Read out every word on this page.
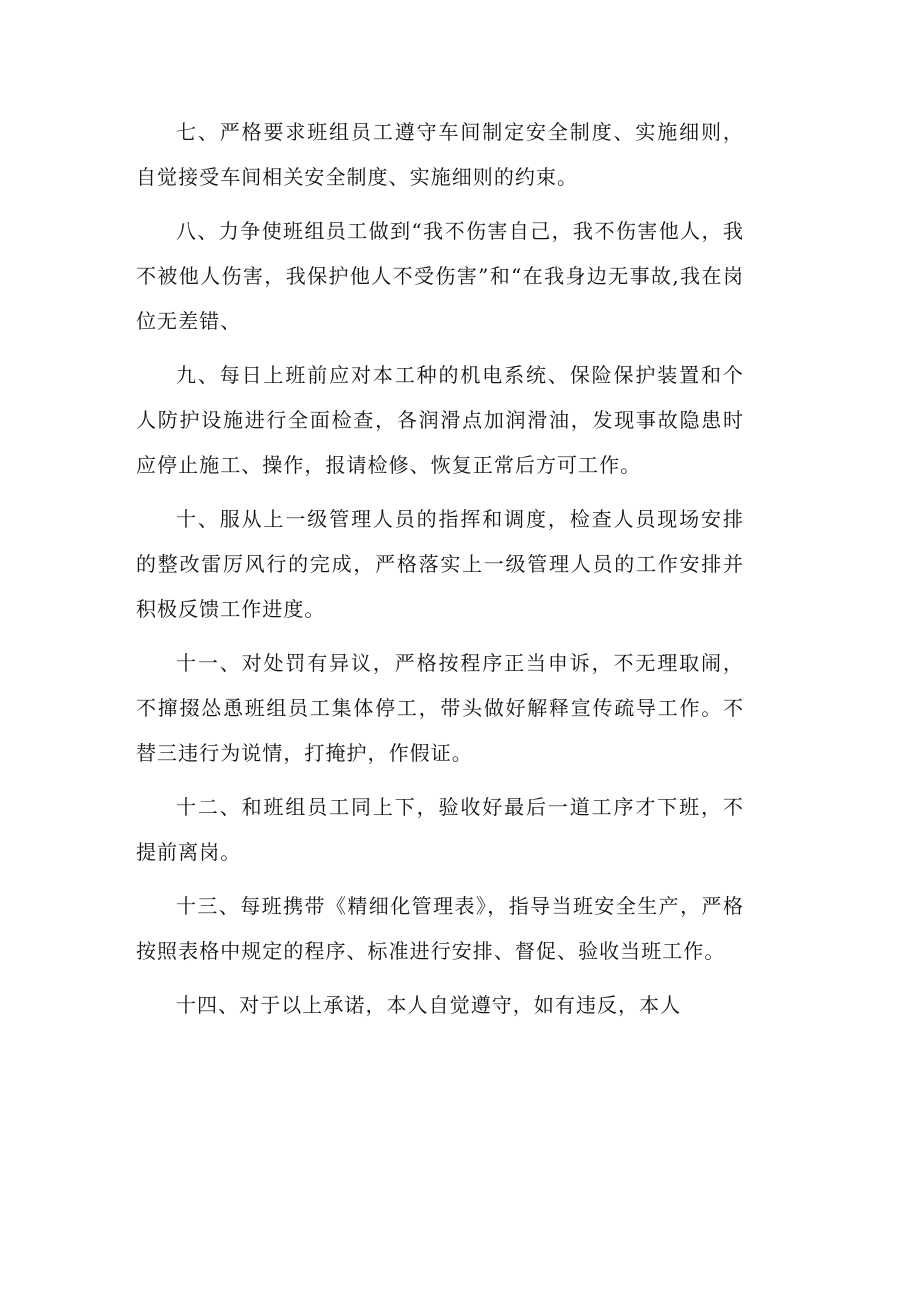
七、严格要求班组员工遵守车间制定安全制度、实施细则，自觉接受车间相关安全制度、实施细则的约束。

八、力争使班组员工做到“我不伤害自己，我不伤害他人，我不被他人伤害，我保护他人不受伤害”和“在我身边无事故,我在岗位无差错、

九、每日上班前应对本工种的机电系统、保险保护装置和个人防护设施进行全面检查，各润滑点加润滑油，发现事故隐患时应停止施工、操作，报请检修、恢复正常后方可工作。

十、服从上一级管理人员的指挥和调度，检查人员现场安排的整改雷厉风行的完成，严格落实上一级管理人员的工作安排并积极反馈工作进度。

十一、对处罚有异议，严格按程序正当申诉，不无理取闹，不撺掇怂恿班组员工集体停工，带头做好解释宣传疏导工作。不替三违行为说情，打掩护，作假证。

十二、和班组员工同上下，验收好最后一道工序才下班，不提前离岗。

十三、每班携带《精细化管理表》，指导当班安全生产，严格按照表格中规定的程序、标准进行安排、督促、验收当班工作。

十四、对于以上承诺，本人自觉遵守，如有违反，本人
